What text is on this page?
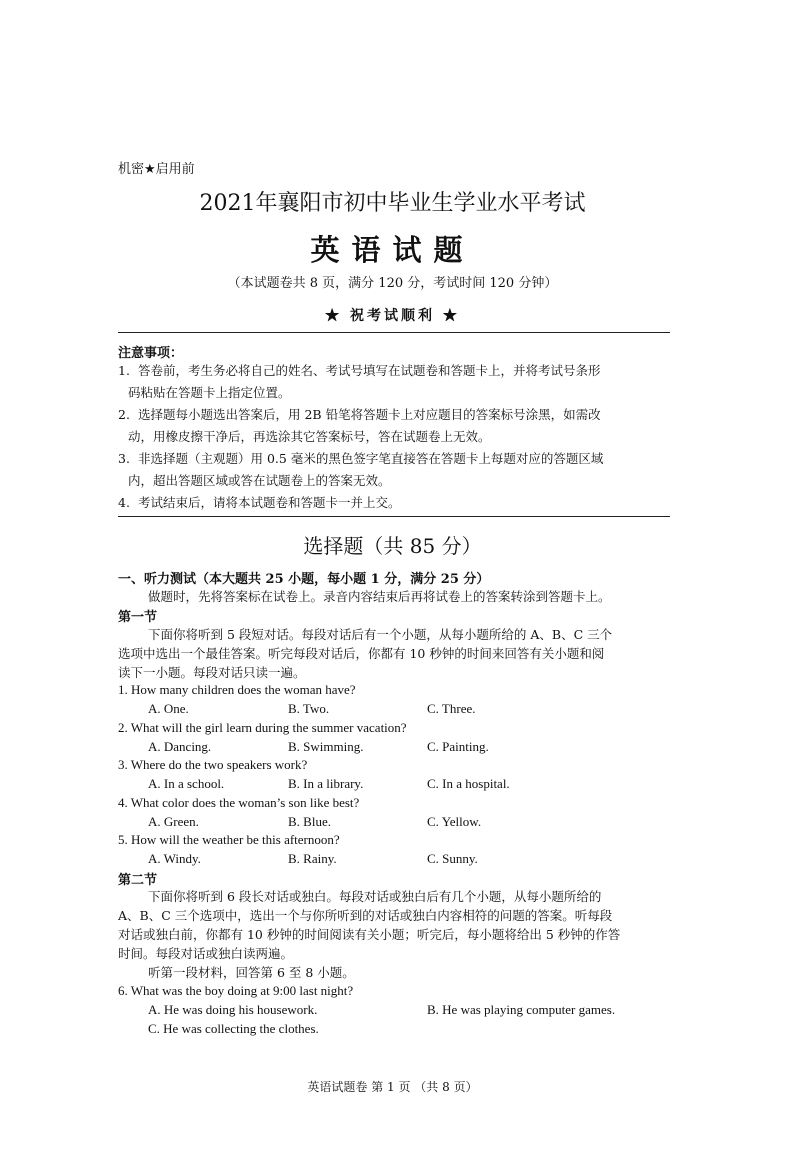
机密★启用前
2021年襄阳市初中毕业生学业水平考试
英语试题
（本试题卷共 8 页，满分 120 分，考试时间 120 分钟）
★ 祝考试顺利 ★
注意事项：
1. 答卷前，考生务必将自己的姓名、考试号填写在试题卷和答题卡上，并将考试号条形
码粘贴在答题卡上指定位置。
2. 选择题每小题选出答案后，用 2B 铅笔将答题卡上对应题目的答案标号涂黑，如需改
动，用橡皮擦干净后，再选涂其它答案标号，答在试题卷上无效。
3. 非选择题（主观题）用 0.5 毫米的黑色签字笔直接答在答题卡上每题对应的答题区域
内，超出答题区域或答在试题卷上的答案无效。
4. 考试结束后，请将本试题卷和答题卡一并上交。
选择题（共 85 分）
一、听力测试（本大题共 25 小题，每小题 1 分，满分 25 分）
做题时，先将答案标在试卷上。录音内容结束后再将试卷上的答案转涂到答题卡上。
第一节
下面你将听到 5 段短对话。每段对话后有一个小题，从每小题所给的 A、B、C 三个
选项中选出一个最佳答案。听完每段对话后，你都有 10 秒钟的时间来回答有关小题和阅
读下一小题。每段对话只读一遍。
1. How many children does the woman have?
A. One.	B. Two.	C. Three.
2. What will the girl learn during the summer vacation?
A. Dancing.	B. Swimming.	C. Painting.
3. Where do the two speakers work?
A. In a school.	B. In a library.	C. In a hospital.
4. What color does the woman’s son like best?
A. Green.	B. Blue.	C. Yellow.
5. How will the weather be this afternoon?
A. Windy.	B. Rainy.	C. Sunny.
第二节
下面你将听到 6 段长对话或独白。每段对话或独白后有几个小题，从每小题所给的
A、B、C 三个选项中，选出一个与你所听到的对话或独白内容相符的问题的答案。听每段
对话或独白前，你都有 10 秒钟的时间阅读有关小题；听完后，每小题将给出 5 秒钟的作答
时间。每段对话或独白读两遍。
听第一段材料，回答第 6 至 8 小题。
6. What was the boy doing at 9:00 last night?
A. He was doing his housework.	B. He was playing computer games.
C. He was collecting the clothes.
英语试题卷 第 1 页 （共 8 页）
